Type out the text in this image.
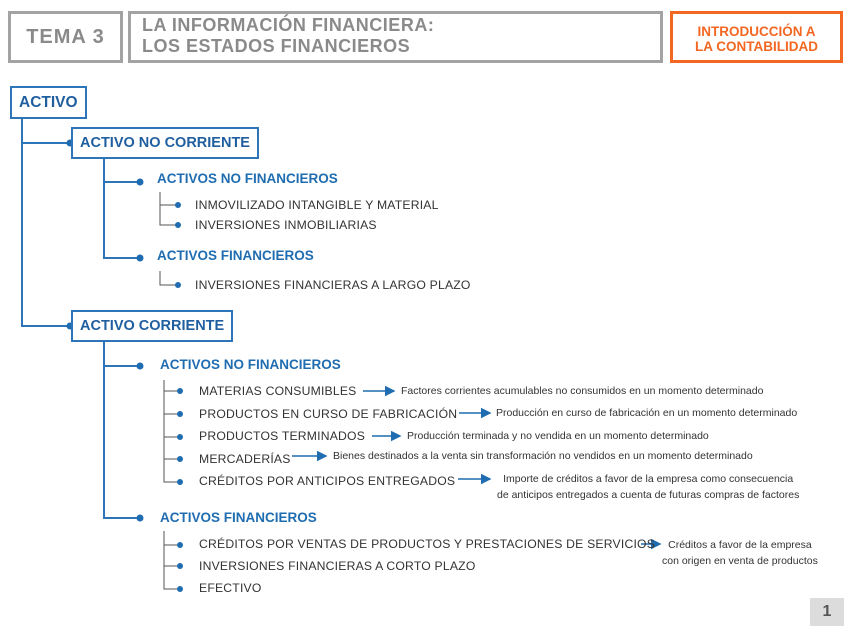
TEMA 3
LA INFORMACIÓN FINANCIERA:
LOS ESTADOS FINANCIEROS
INTRODUCCIÓN A
LA CONTABILIDAD
ACTIVO
ACTIVO NO CORRIENTE
ACTIVO CORRIENTE
ACTIVOS NO FINANCIEROS
ACTIVOS FINANCIEROS
ACTIVOS NO FINANCIEROS
ACTIVOS FINANCIEROS
INMOVILIZADO INTANGIBLE Y MATERIAL
INVERSIONES INMOBILIARIAS
INVERSIONES FINANCIERAS A LARGO PLAZO
MATERIAS CONSUMIBLES	Factores corrientes acumulables no consumidos en un momento determinado
PRODUCTOS EN CURSO DE FABRICACIÓN	Producción en curso de fabricación en un momento determinado
PRODUCTOS TERMINADOS	Producción terminada y no vendida en un momento determinado
MERCADERÍAS	Bienes destinados a la venta sin transformación no vendidos en un momento determinado
CRÉDITOS POR ANTICIPOS ENTREGADOS	Importe de créditos a favor de la empresa como consecuencia
de anticipos entregados a cuenta de futuras compras de factores
CRÉDITOS POR VENTAS DE PRODUCTOS Y PRESTACIONES DE SERVICIOS	Créditos a favor de la empresa
con origen en venta de productos
INVERSIONES FINANCIERAS A CORTO PLAZO
EFECTIVO
1
